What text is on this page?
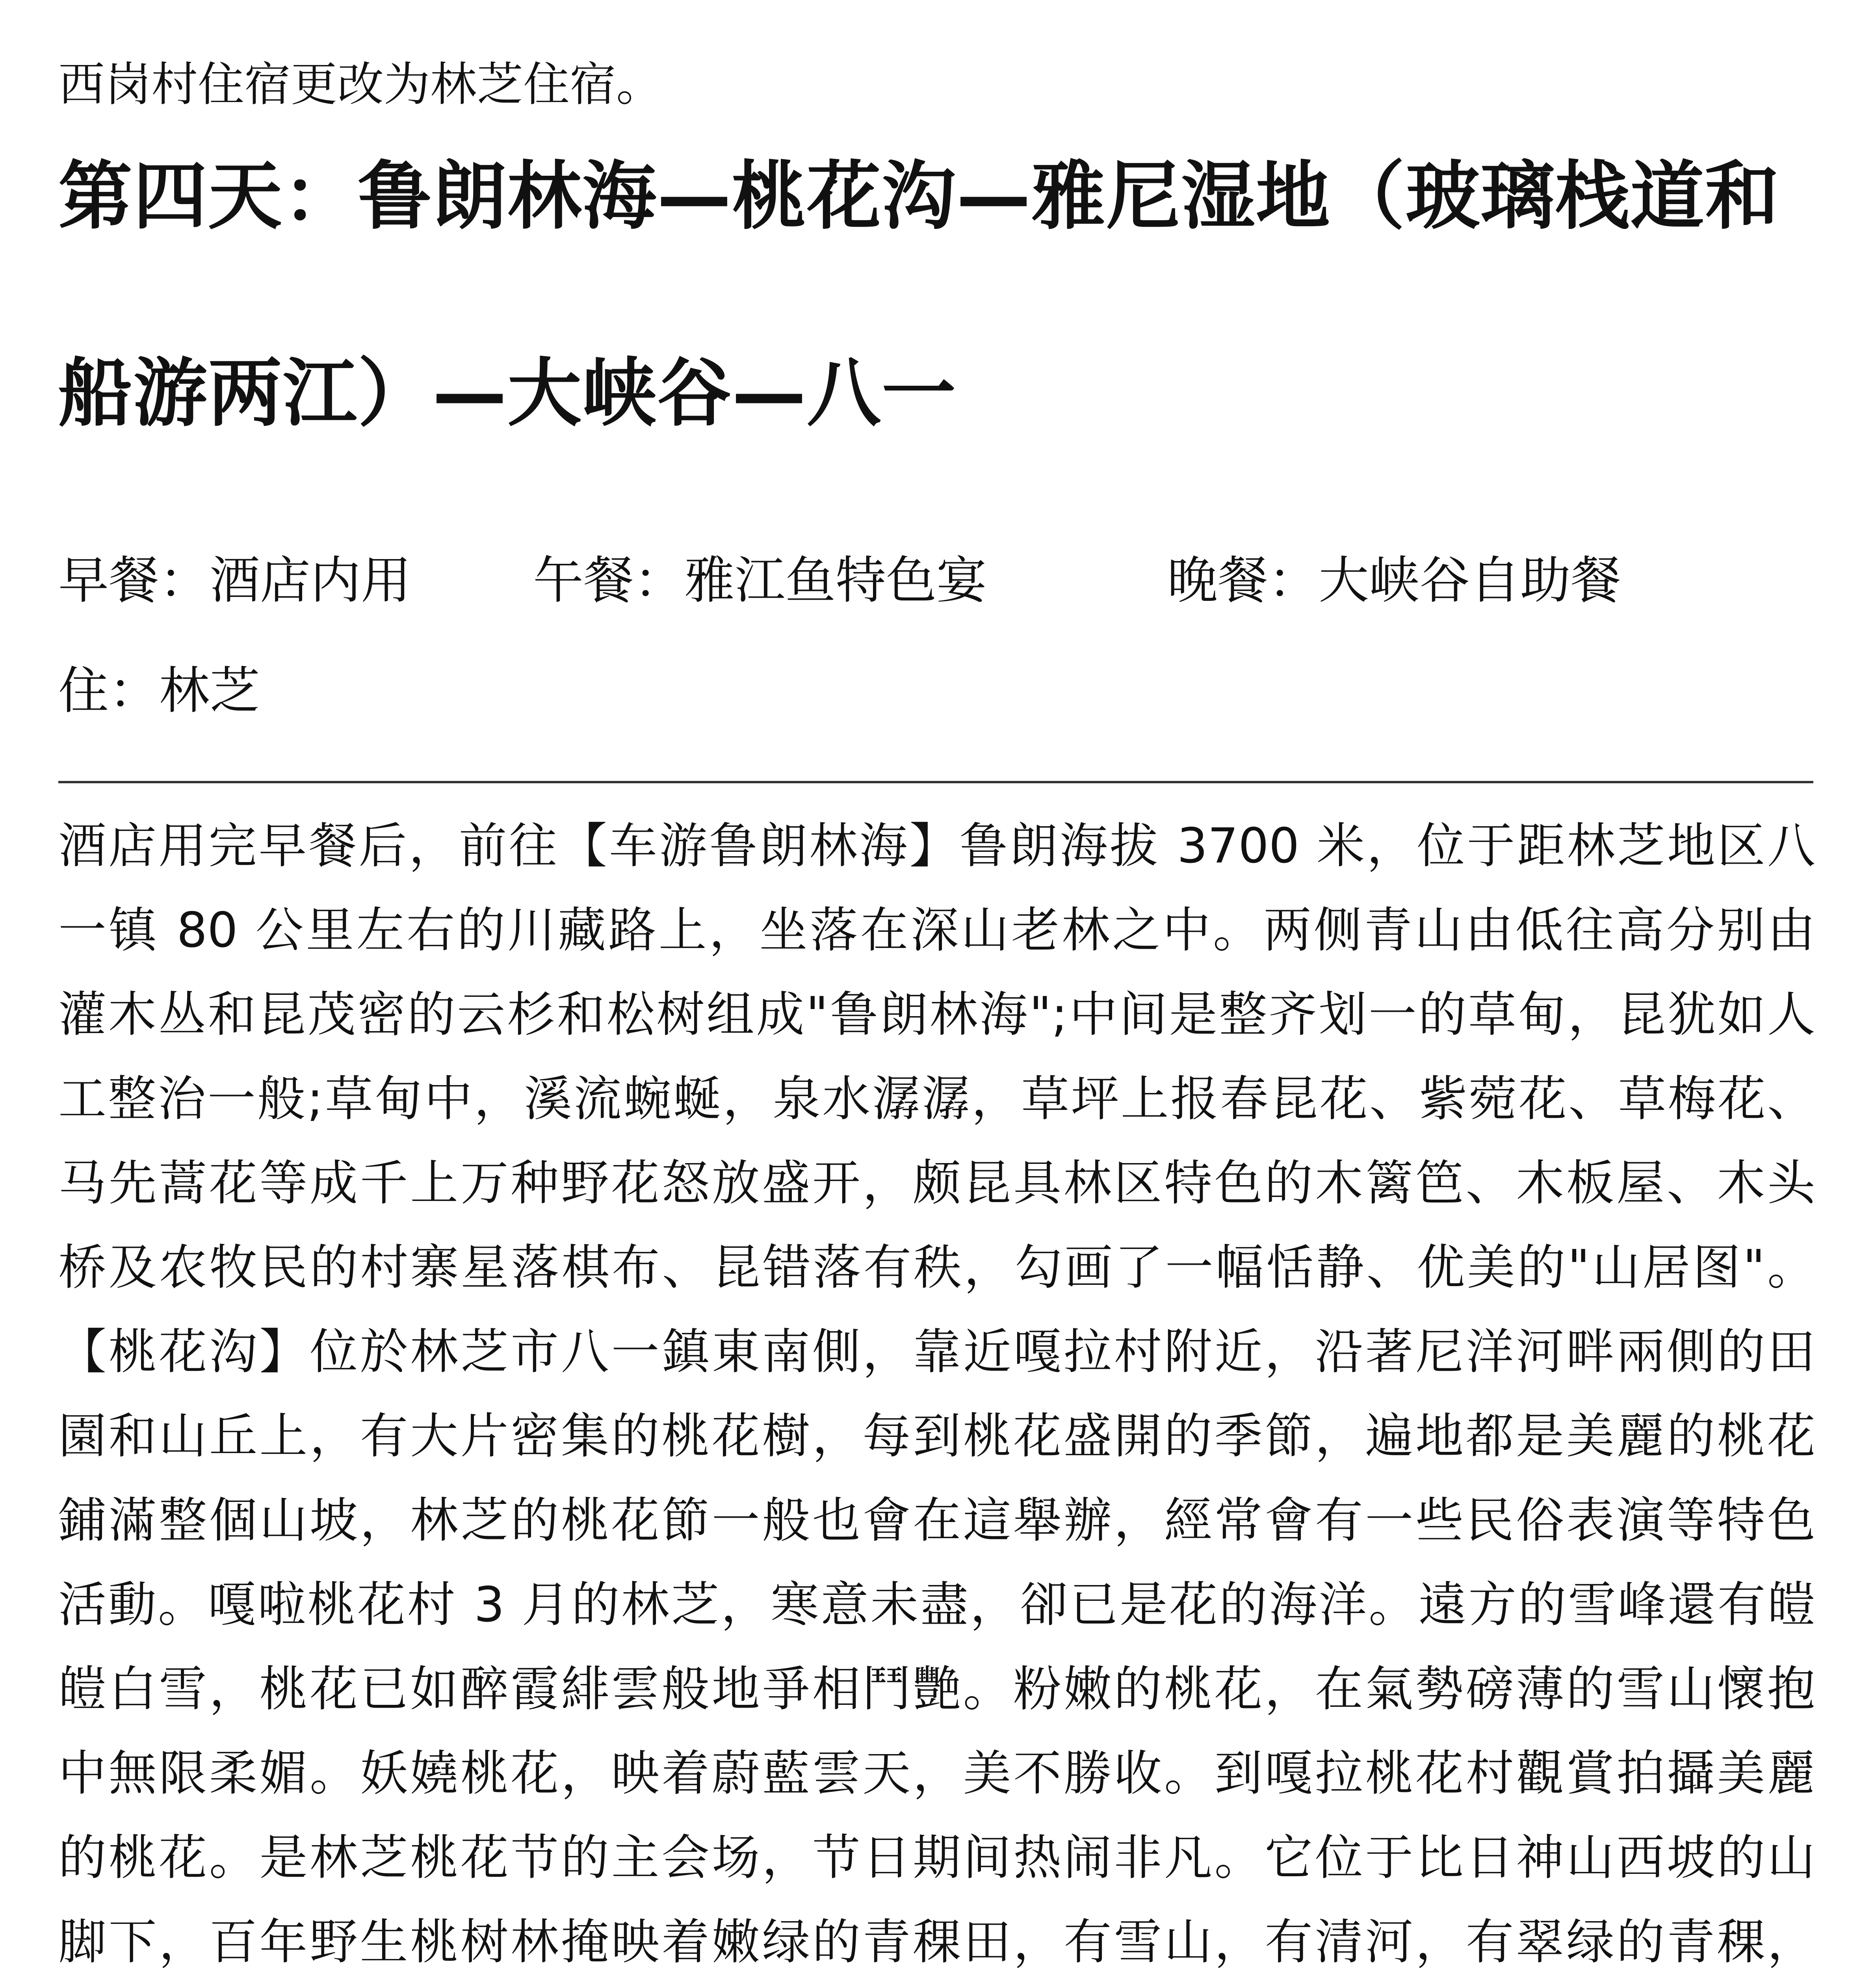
西岗村住宿更改为林芝住宿。
第四天：鲁朗林海—桃花沟—雅尼湿地（玻璃栈道和
船游两江）—大峡谷—八一
早餐：酒店内用 午餐：雅江鱼特色宴	晚餐：大峡谷自助餐
住：林芝
酒店用完早餐后，前往【车游鲁朗林海】鲁朗海拔 3700 米，位于距林芝地区八
一镇 80 公里左右的川藏路上，坐落在深山老林之中。两侧青山由低往高分别由
灌木丛和昆茂密的云杉和松树组成"鲁朗林海";中间是整齐划一的草甸，昆犹如人
工整治一般;草甸中，溪流蜿蜒，泉水潺潺，草坪上报春昆花、紫菀花、草梅花、
马先蒿花等成千上万种野花怒放盛开，颇昆具林区特色的木篱笆、木板屋、木头
桥及农牧民的村寨星落棋布、昆错落有秩，勾画了一幅恬静、优美的"山居图"。
【桃花沟】位於林芝市八一鎮東南側，靠近嘎拉村附近，沿著尼洋河畔兩側的田
園和山丘上，有大片密集的桃花樹，每到桃花盛開的季節，遍地都是美麗的桃花
鋪滿整個山坡，林芝的桃花節一般也會在這舉辦，經常會有一些民俗表演等特色
活動。嘎啦桃花村 3 月的林芝，寒意未盡，卻已是花的海洋。遠方的雪峰還有皚
皚白雪，桃花已如醉霞緋雲般地爭相鬥艷。粉嫩的桃花，在氣勢磅薄的雪山懷抱
中無限柔媚。妖嬈桃花，映着蔚藍雲天，美不勝收。到嘎拉桃花村觀賞拍攝美麗
的桃花。是林芝桃花节的主会场，节日期间热闹非凡。它位于比日神山西坡的山
脚下，百年野生桃树林掩映着嫩绿的青稞田，有雪山，有清河，有翠绿的青稞，
